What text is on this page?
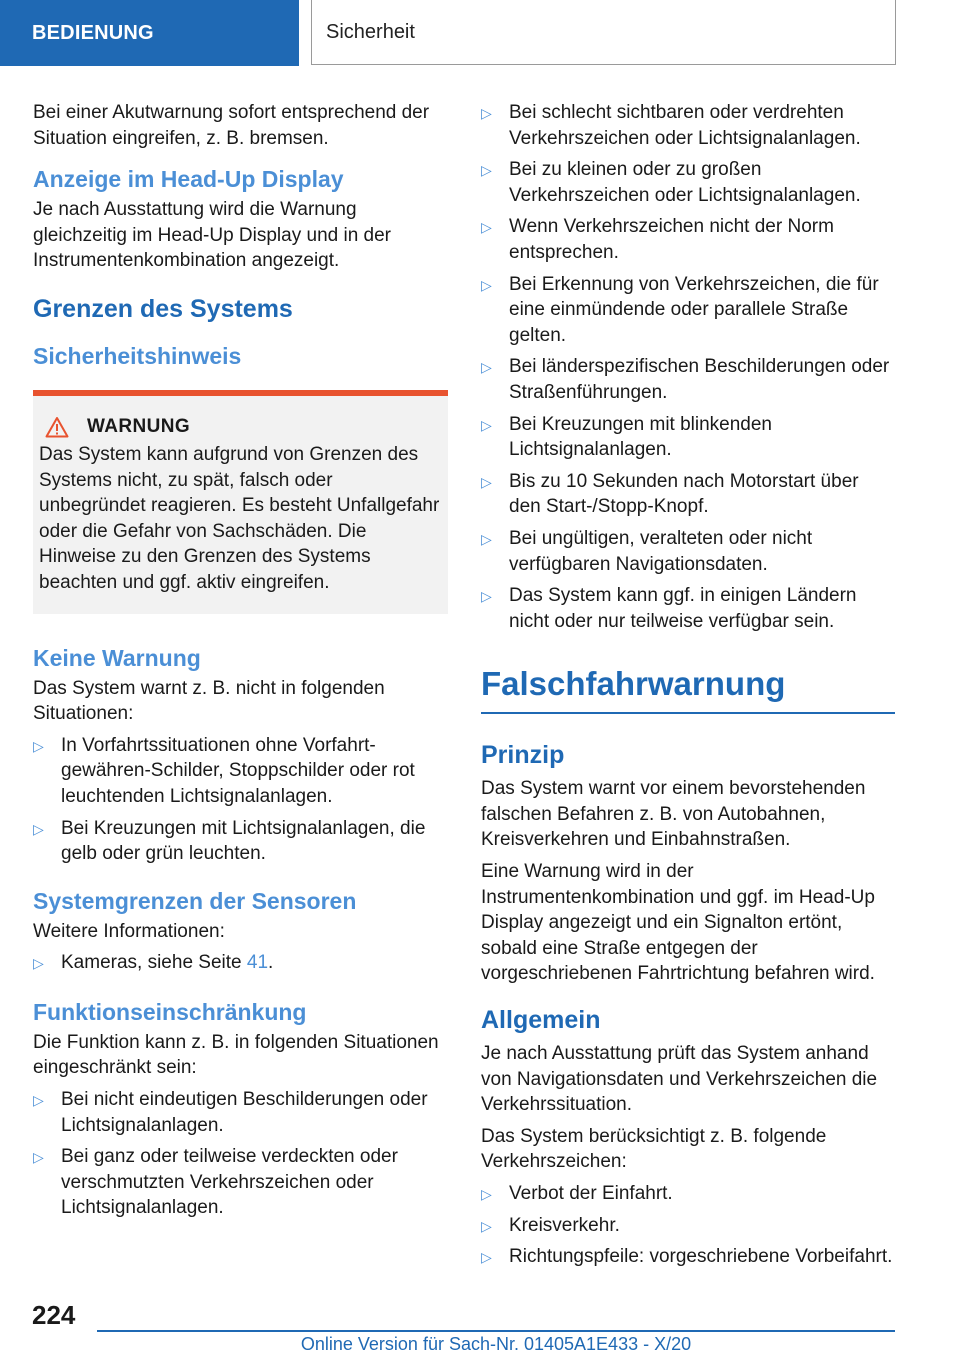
BEDIENUNG	Sicherheit

Bei einer Akutwarnung sofort entsprechend der Situation eingreifen, z. B. bremsen.

Anzeige im Head-Up Display

Je nach Ausstattung wird die Warnung gleichzeitig im Head-Up Display und in der Instrumentenkombination angezeigt.

Grenzen des Systems
Sicherheitshinweis
WARNUNG

Das System kann aufgrund von Grenzen des Systems nicht, zu spät, falsch oder unbegründet reagieren. Es besteht Unfallgefahr oder die Gefahr von Sachschäden. Die Hinweise zu den Grenzen des Systems beachten und ggf. aktiv eingreifen.

Keine Warnung

Das System warnt z. B. nicht in folgenden Situationen:

▷ In Vorfahrtssituationen ohne Vorfahrt-gewähren-Schilder, Stoppschilder oder rot leuchtenden Lichtsignalanlagen.
▷ Bei Kreuzungen mit Lichtsignalanlagen, die gelb oder grün leuchten.
Systemgrenzen der Sensoren

Weitere Informationen:

▷ Kameras, siehe Seite 41.
Funktionseinschränkung

Die Funktion kann z. B. in folgenden Situationen eingeschränkt sein:

▷ Bei nicht eindeutigen Beschilderungen oder Lichtsignalanlagen.
▷ Bei ganz oder teilweise verdeckten oder verschmutzten Verkehrszeichen oder Lichtsignalanlagen.
▷ Bei schlecht sichtbaren oder verdrehten Verkehrszeichen oder Lichtsignalanlagen.
▷ Bei zu kleinen oder zu großen Verkehrszeichen oder Lichtsignalanlagen.
▷ Wenn Verkehrszeichen nicht der Norm entsprechen.
▷ Bei Erkennung von Verkehrszeichen, die für eine einmündende oder parallele Straße gelten.
▷ Bei länderspezifischen Beschilderungen oder Straßenführungen.
▷ Bei Kreuzungen mit blinkenden Lichtsignalanlagen.
▷ Bis zu 10 Sekunden nach Motorstart über den Start-/Stopp-Knopf.
▷ Bei ungültigen, veralteten oder nicht verfügbaren Navigationsdaten.
▷ Das System kann ggf. in einigen Ländern nicht oder nur teilweise verfügbar sein.
Falschfahrwarnung
Prinzip

Das System warnt vor einem bevorstehenden falschen Befahren z. B. von Autobahnen, Kreisverkehren und Einbahnstraßen.

Eine Warnung wird in der Instrumentenkombination und ggf. im Head-Up Display angezeigt und ein Signalton ertönt, sobald eine Straße entgegen der vorgeschriebenen Fahrtrichtung befahren wird.

Allgemein

Je nach Ausstattung prüft das System anhand von Navigationsdaten und Verkehrszeichen die Verkehrssituation.

Das System berücksichtigt z. B. folgende Verkehrszeichen:

▷ Verbot der Einfahrt.
▷ Kreisverkehr.
▷ Richtungspfeile: vorgeschriebene Vorbeifahrt.
224
Online Version für Sach-Nr. 01405A1E433 - X/20
